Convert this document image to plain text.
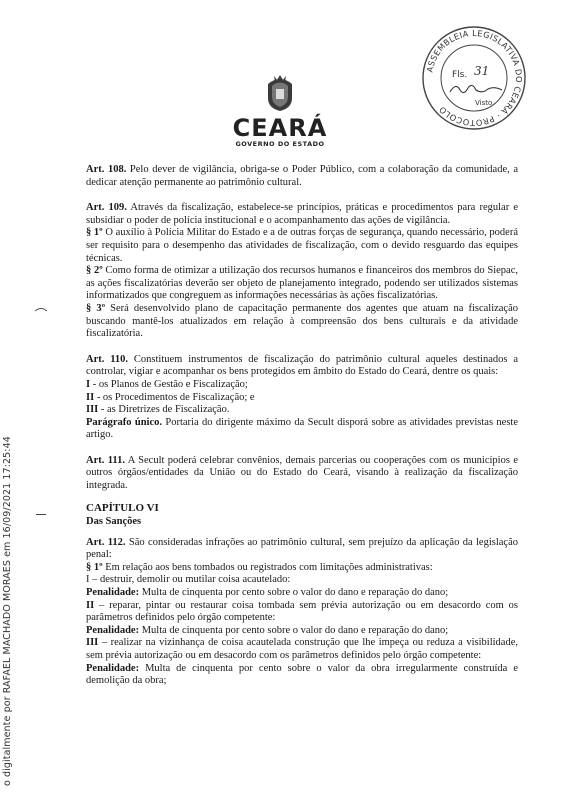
CEARÁ
GOVERNO DO ESTADO
ASSEMBLEIA LEGISLATIVA DO CEARÁ · PROTOCOLO
Fls. 31
Visto
o digitalmente por RAFAEL MACHADO MORAES em 16/09/2021 17:25:44

Art. 108. Pelo dever de vigilância, obriga-se o Poder Público, com a colaboração da comunidade, a dedicar atenção permanente ao patrimônio cultural.

Art. 109. Através da fiscalização, estabelece-se princípios, práticas e procedimentos para regular e subsidiar o poder de polícia institucional e o acompanhamento das ações de vigilância.

§ 1º O auxílio à Polícia Militar do Estado e a de outras forças de segurança, quando necessário, poderá ser requisito para o desempenho das atividades de fiscalização, com o devido resguardo das equipes técnicas.

§ 2º Como forma de otimizar a utilização dos recursos humanos e financeiros dos membros do Siepac, as ações fiscalizatórias deverão ser objeto de planejamento integrado, podendo ser utilizados sistemas informatizados que congreguem as informações necessárias às ações fiscalizatórias.

§ 3º Será desenvolvido plano de capacitação permanente dos agentes que atuam na fiscalização buscando mantê-los atualizados em relação à compreensão dos bens culturais e da atividade fiscalizatória.

Art. 110. Constituem instrumentos de fiscalização do patrimônio cultural aqueles destinados a controlar, vigiar e acompanhar os bens protegidos em âmbito do Estado do Ceará, dentre os quais:

I - os Planos de Gestão e Fiscalização;

II - os Procedimentos de Fiscalização; e

III - as Diretrizes de Fiscalização.

Parágrafo único. Portaria do dirigente máximo da Secult disporá sobre as atividades previstas neste artigo.

Art. 111. A Secult poderá celebrar convênios, demais parcerias ou cooperações com os municípios e outros órgãos/entidades da União ou do Estado do Ceará, visando à realização da fiscalização integrada.

CAPÍTULO VI

Das Sanções

Art. 112. São consideradas infrações ao patrimônio cultural, sem prejuízo da aplicação da legislação penal:

§ 1º Em relação aos bens tombados ou registrados com limitações administrativas:

I – destruir, demolir ou mutilar coisa acautelado:

Penalidade: Multa de cinquenta por cento sobre o valor do dano e reparação do dano;

II – reparar, pintar ou restaurar coisa tombada sem prévia autorização ou em desacordo com os parâmetros definidos pelo órgão competente:

Penalidade: Multa de cinquenta por cento sobre o valor do dano e reparação do dano;

III – realizar na vizinhança de coisa acautelada construção que lhe impeça ou reduza a visibilidade, sem prévia autorização ou em desacordo com os parâmetros definidos pelo órgão competente:

Penalidade: Multa de cinquenta por cento sobre o valor da obra irregularmente construída e demolição da obra;
